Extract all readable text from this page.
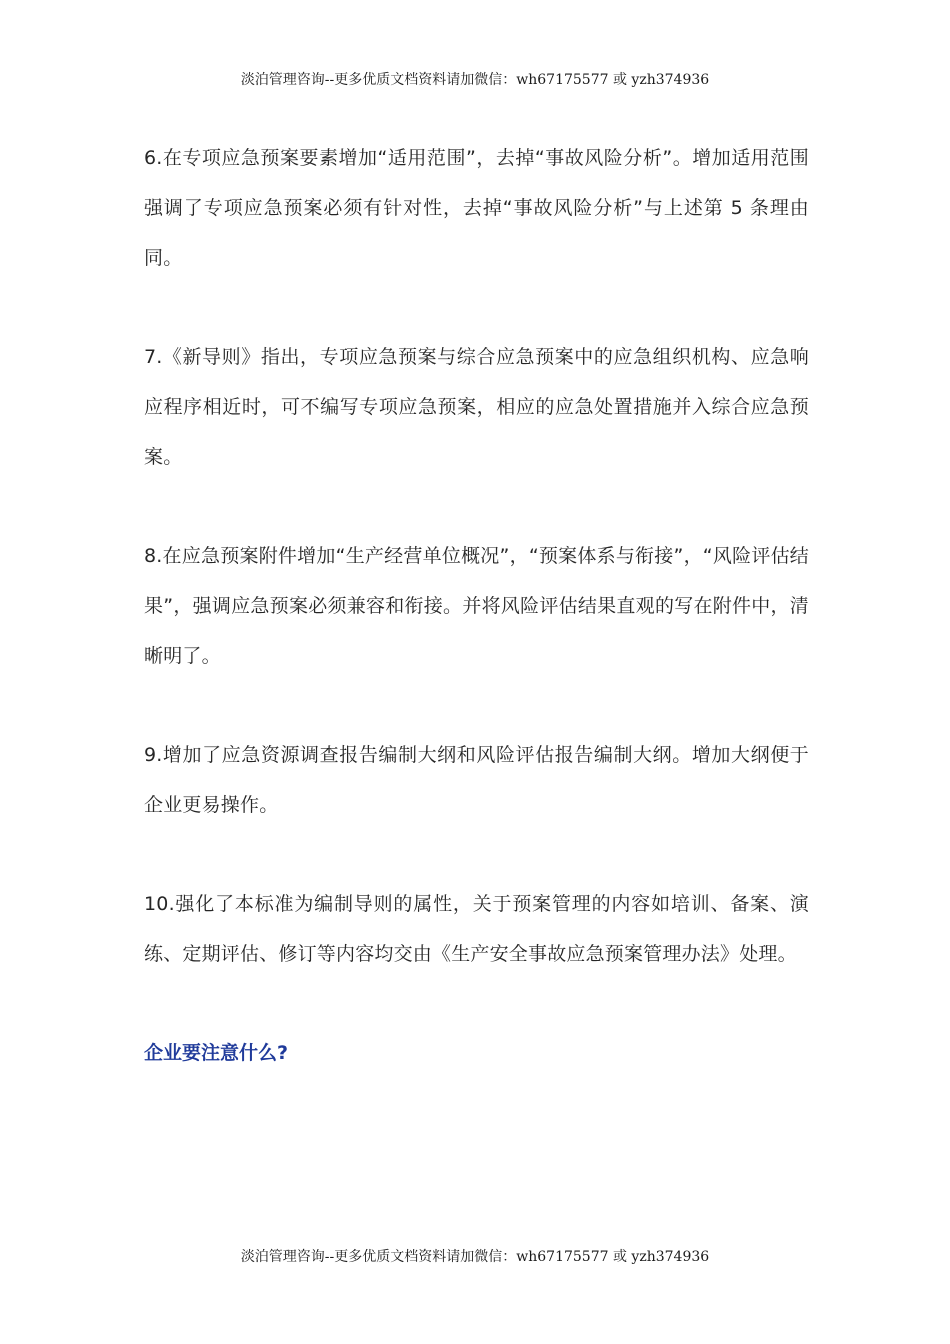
淡泊管理咨询--更多优质文档资料请加微信：wh67175577 或 yzh374936

6.在专项应急预案要素增加“适用范围”，去掉“事故风险分析”。增加适用范围强调了专项应急预案必须有针对性，去掉“事故风险分析”与上述第 5 条理由同。

7.《新导则》指出，专项应急预案与综合应急预案中的应急组织机构、应急响应程序相近时，可不编写专项应急预案，相应的应急处置措施并入综合应急预案。

8.在应急预案附件增加“生产经营单位概况”，“预案体系与衔接”，“风险评估结果”，强调应急预案必须兼容和衔接。并将风险评估结果直观的写在附件中，清晰明了。

9.增加了应急资源调查报告编制大纲和风险评估报告编制大纲。增加大纲便于企业更易操作。

10.强化了本标准为编制导则的属性，关于预案管理的内容如培训、备案、演练、定期评估、修订等内容均交由《生产安全事故应急预案管理办法》处理。

企业要注意什么?
淡泊管理咨询--更多优质文档资料请加微信：wh67175577 或 yzh374936
